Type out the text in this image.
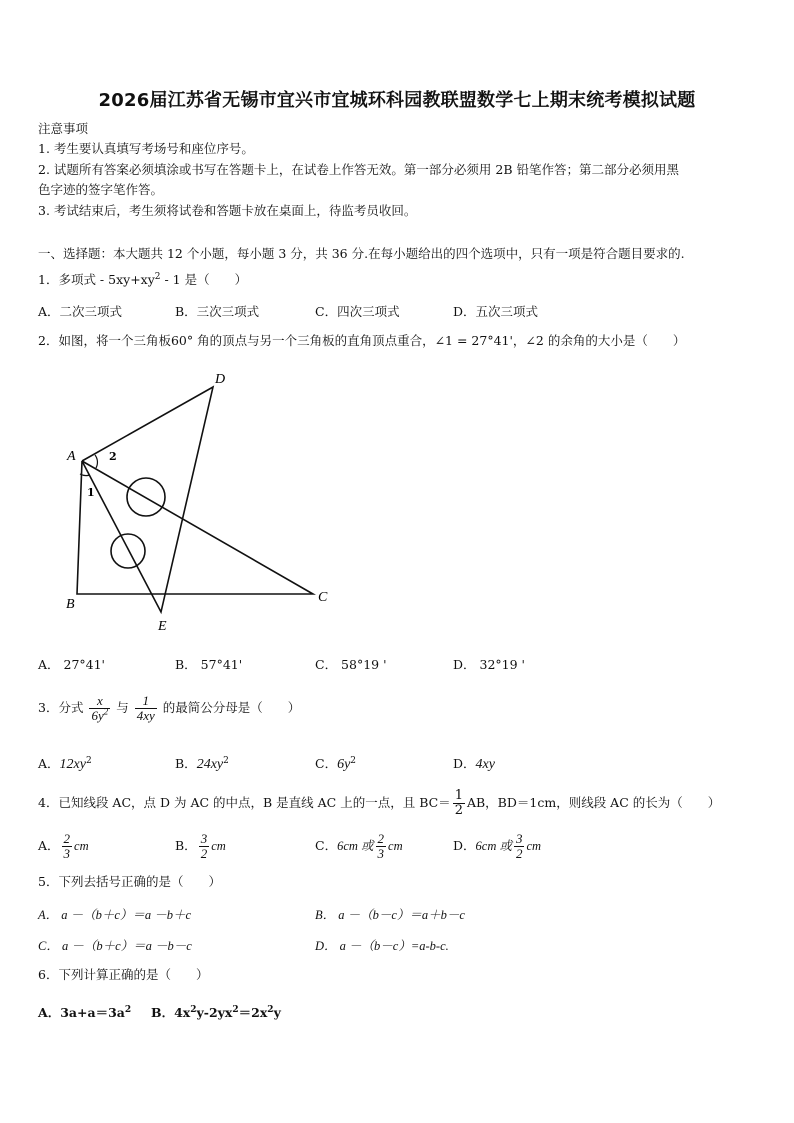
2026届江苏省无锡市宜兴市宜城环科园教联盟数学七上期末统考模拟试题
注意事项
1. 考生要认真填写考场号和座位序号。
2. 试题所有答案必须填涂或书写在答题卡上，在试卷上作答无效。第一部分必须用 2B 铅笔作答；第二部分必须用黑
色字迹的签字笔作答。
3. 考试结束后，考生须将试卷和答题卡放在桌面上，待监考员收回。
一、选择题：本大题共 12 个小题，每小题 3 分，共 36 分.在每小题给出的四个选项中，只有一项是符合题目要求的.
1．多项式 - $5xy+xy^2 - 1$ 是（　　）
A．二次三项式	B．三次三项式	C．四次三项式	D．五次三项式
2．如图，将一个三角板60° 角的顶点与另一个三角板的直角顶点重合，∠1 = 27°41'，∠2 的余角的大小是（　　）
A
D
B	C
E
2
1
A． 27°41'	B． 57°41'	C． 58°19 '	D． 32°19 '
3．分式 $\frac{x}{6y^2}$ 与 $\frac{1}{4xy}$ 的最简公分母是（　　）
A．$12xy^2$	B．$24xy^2$	C．$6y^2$	D．4xy
4．已知线段 AC，点 D 为 AC 的中点，B 是直线 AC 上的一点，且 $BC= \frac{1}{2}$ AB，BD＝1cm，则线段 AC 的长为（　　）
A． $\frac{2}{3}$ cm	B． $\frac{3}{2}$ cm	C．6cm 或 $\frac{2}{3}$ cm	D．6cm 或 $\frac{3}{2}$ cm
5．下列去括号正确的是（　　）
A． a －（b＋c）＝a －b＋c	B． a －（b－c）＝a＋b－c
C． a －（b＋c）＝a －b－c	D． a －（b－c）=a-b-c.
6．下列计算正确的是（　　）
A．$3a+a=3a^2$ B．$4x^2y-2yx^2=2x^2y$
